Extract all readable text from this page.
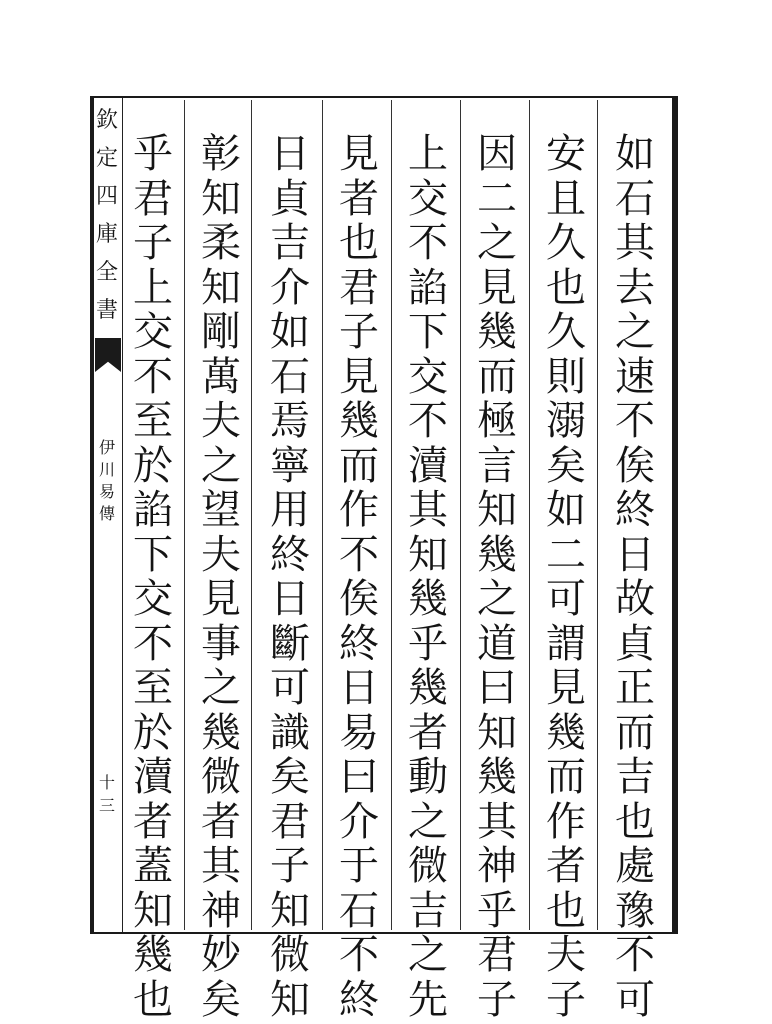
欽
定
四
庫
全
書
伊
川
易
傳
十三
如
石
其
去
之
速
不
俟
終
日
故
貞
正
而
吉
也
處
豫
不
可
安
且
久
也
久
則
溺
矣
如
二
可
謂
見
幾
而
作
者
也
夫
子
因
二
之
見
幾
而
極
言
知
幾
之
道
曰
知
幾
其
神
乎
君
子
上
交
不
諂
下
交
不
瀆
其
知
幾
乎
幾
者
動
之
微
吉
之
先
見
者
也
君
子
見
幾
而
作
不
俟
終
日
易
曰
介
于
石
不
終
日
貞
吉
介
如
石
焉
寧
用
終
日
斷
可
識
矣
君
子
知
微
知
彰
知
柔
知
剛
萬
夫
之
望
夫
見
事
之
幾
微
者
其
神
妙
矣
乎
君
子
上
交
不
至
於
諂
下
交
不
至
於
瀆
者
蓋
知
幾
也
